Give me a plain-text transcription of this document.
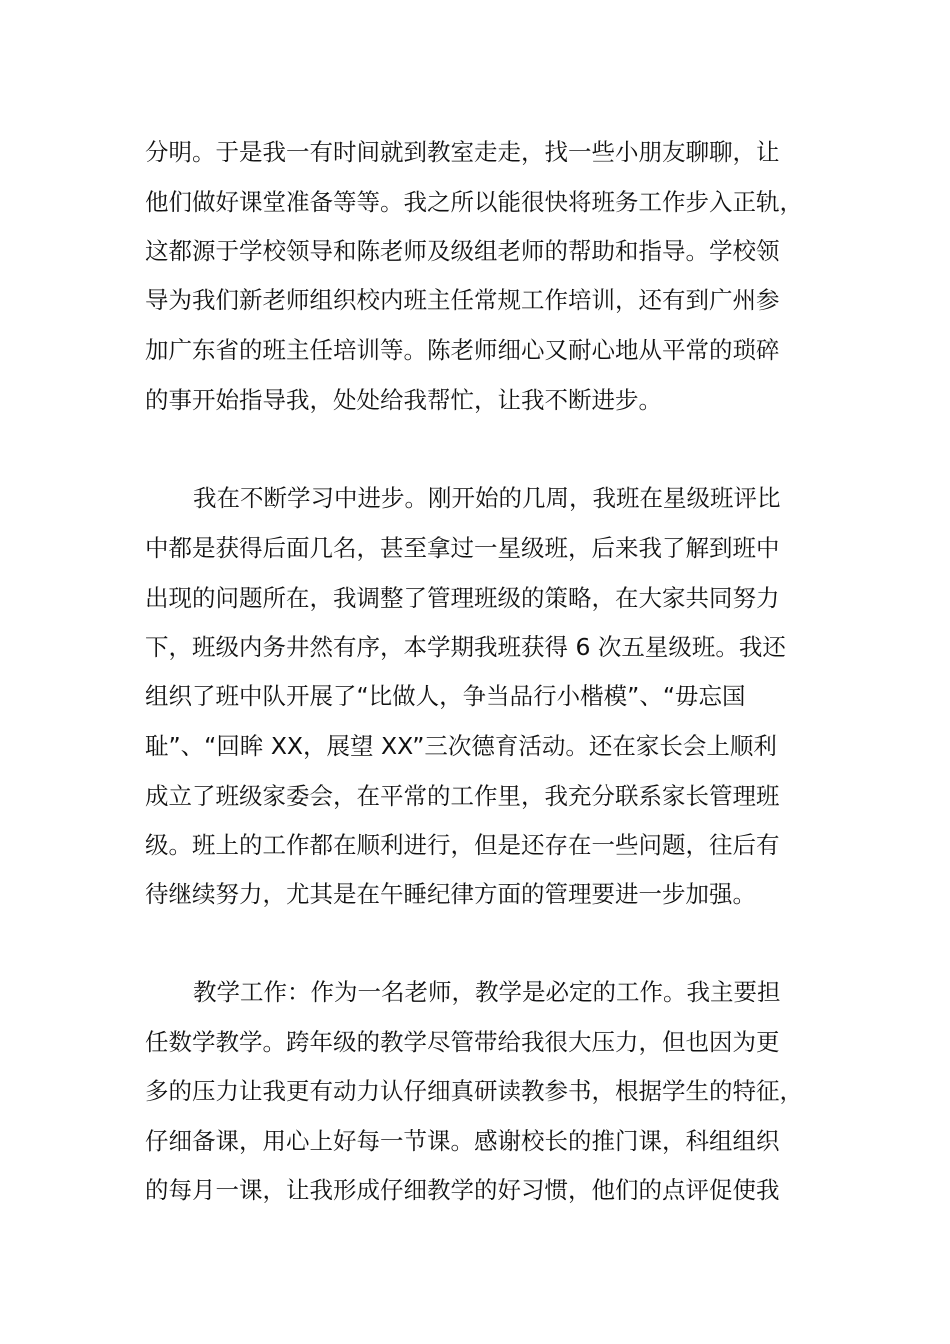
分明。于是我一有时间就到教室走走，找一些小朋友聊聊，让
他们做好课堂准备等等。我之所以能很快将班务工作步入正轨，
这都源于学校领导和陈老师及级组老师的帮助和指导。学校领
导为我们新老师组织校内班主任常规工作培训，还有到广州参
加广东省的班主任培训等。陈老师细心又耐心地从平常的琐碎
的事开始指导我，处处给我帮忙，让我不断进步。
我在不断学习中进步。刚开始的几周，我班在星级班评比
中都是获得后面几名，甚至拿过一星级班，后来我了解到班中
出现的问题所在，我调整了管理班级的策略，在大家共同努力
下，班级内务井然有序，本学期我班获得 6 次五星级班。我还
组织了班中队开展了“比做人，争当品行小楷模”、“毋忘国
耻”、“回眸 XX，展望 XX”三次德育活动。还在家长会上顺利
成立了班级家委会，在平常的工作里，我充分联系家长管理班
级。班上的工作都在顺利进行，但是还存在一些问题，往后有
待继续努力，尤其是在午睡纪律方面的管理要进一步加强。
教学工作：作为一名老师，教学是必定的工作。我主要担
任数学教学。跨年级的教学尽管带给我很大压力，但也因为更
多的压力让我更有动力认仔细真研读教参书，根据学生的特征，
仔细备课，用心上好每一节课。感谢校长的推门课，科组组织
的每月一课，让我形成仔细教学的好习惯，他们的点评促使我
